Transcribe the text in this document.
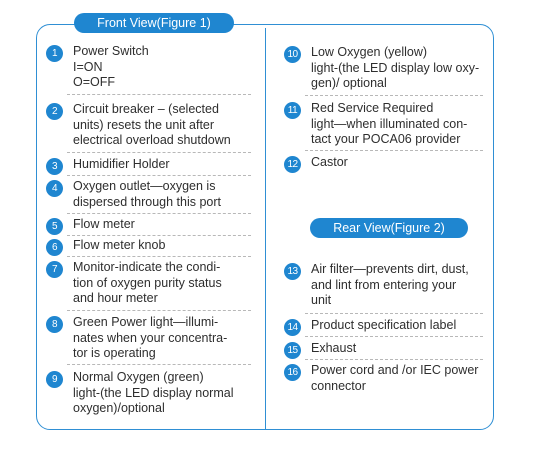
Front View(Figure 1)
Rear View(Figure 2)
1	Power Switch
I=ON
O=OFF
2	Circuit breaker – (selected
units) resets the unit after
electrical overload shutdown
3	Humidifier Holder
4	Oxygen outlet—oxygen is
dispersed through this port
5	Flow meter
6	Flow meter knob
7	Monitor-indicate the condi-
tion of oxygen purity status
and hour meter
8	Green Power light—illumi-
nates when your concentra-
tor is operating
9	Normal Oxygen (green)
light-(the LED display normal
oxygen)/optional
10 Low Oxygen (yellow)
light-(the LED display low oxy-
gen)/ optional
11	Red Service Required
light—when illuminated con-
tact your POCA06 provider
12 Castor
13 Air filter—prevents dirt, dust,
and lint from entering your
unit
14 Product specification label
15 Exhaust
16 Power cord and /or IEC power
connector
